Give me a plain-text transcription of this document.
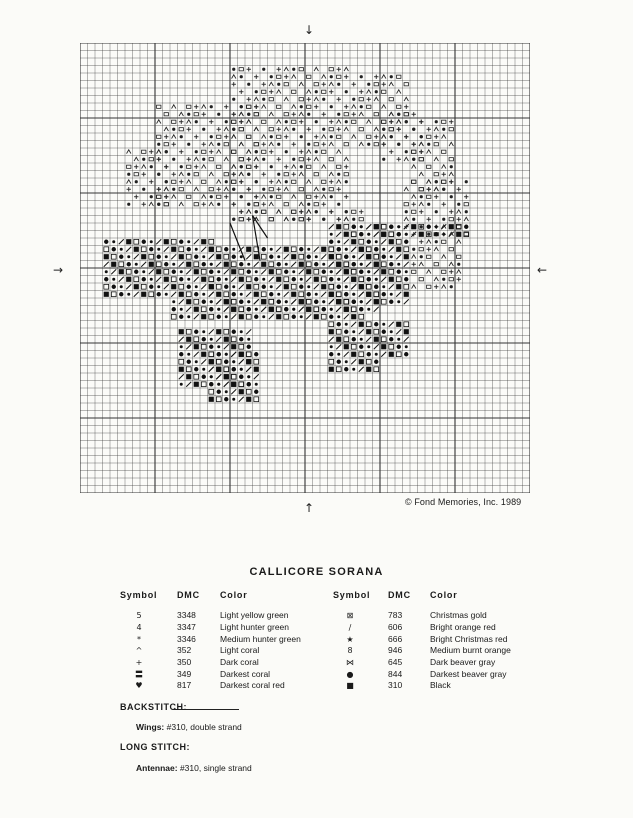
↓
↑
→	←
© Fond Memories, Inc. 1989
CALLICORE SORANA
Symbol DMC Color	Symbol DMC Color
5	3348	Light yellow green
4	3347	Light hunter green
*	3346	Medium hunter green
^	352	Light coral
+	350	Dark coral
〓	349	Darkest coral
♥	817	Darkest coral red
⊠	783	Christmas gold
∕	606	Bright orange red
★	666	Bright Christmas red
8	946	Medium burnt orange
⋈	645	Dark beaver gray
●	844	Darkest beaver gray
■	310	Black
BACKSTITCH:
Wings: #310, double strand
LONG STITCH:
Antennae: #310, single strand
